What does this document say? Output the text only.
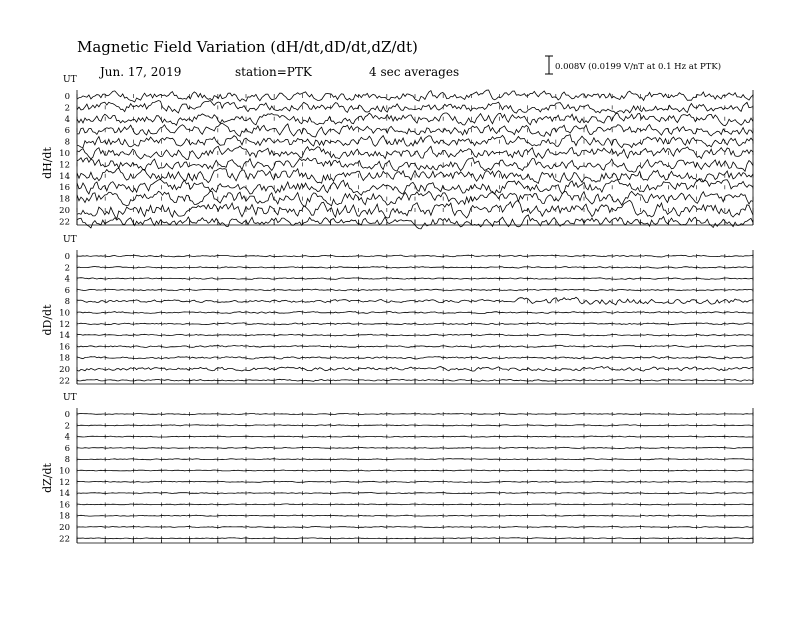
Magnetic Field Variation (dH/dt,dD/dt,dZ/dt)
Jun. 17, 2019	station=PTK	4 sec averages	0.008V (0.0199 V/nT at 0.1 Hz at PTK)
UT
dH/dt
0
2
4
6
8
10
12
14
16
18
20
22
UT
dD/dt
0
2
4
6
8
10
12
14
16
18
20
22
UT
dZ/dt
0
2
4
6
8
10
12
14
16
18
20
22
